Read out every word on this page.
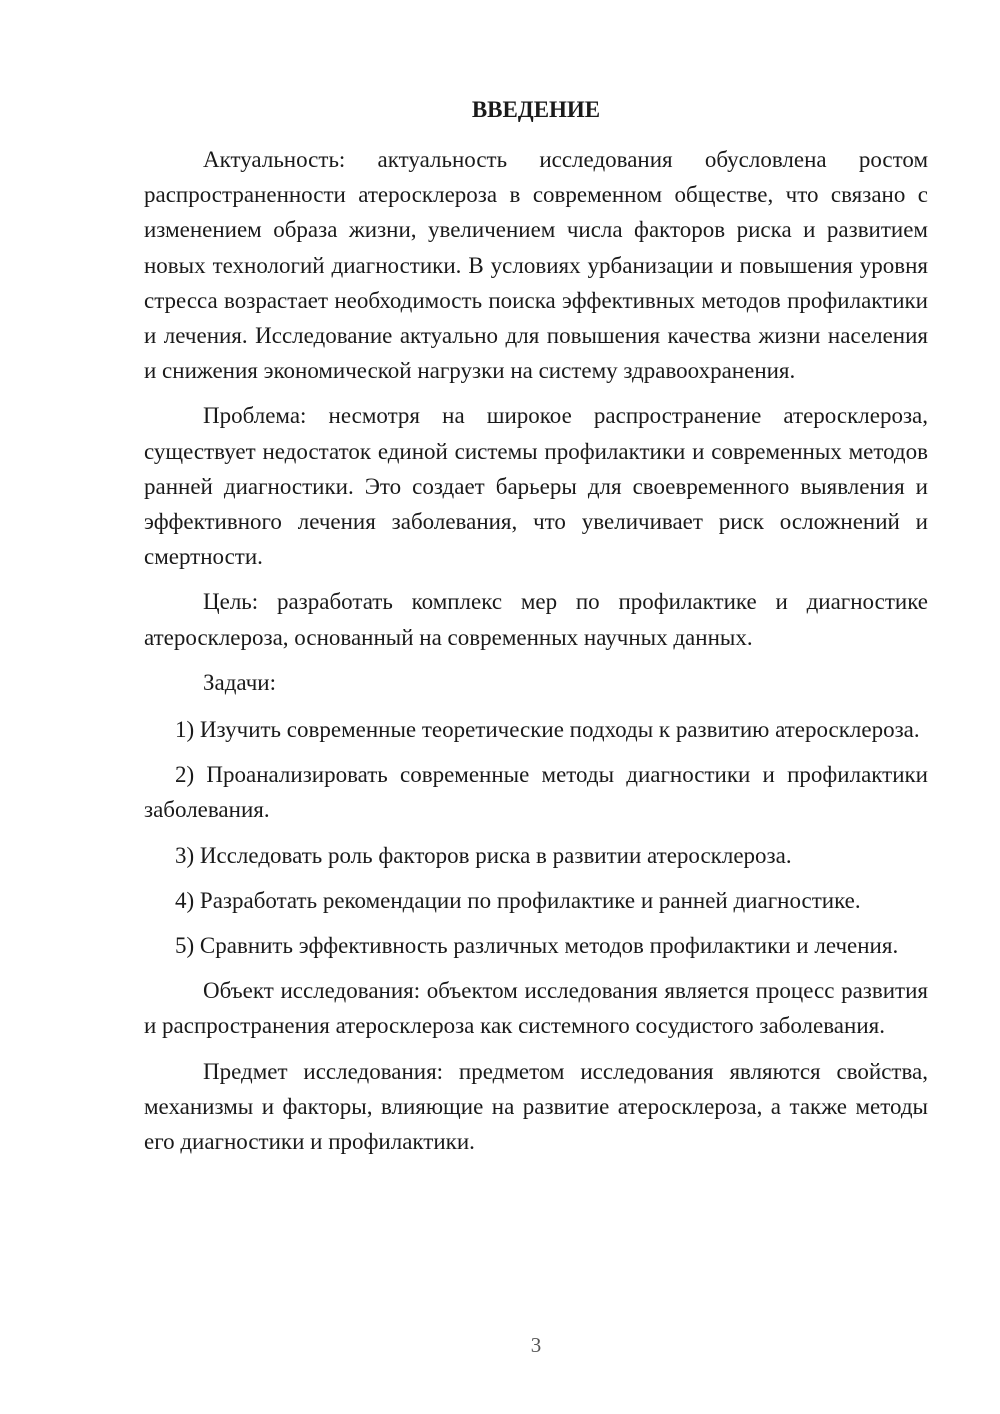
ВВЕДЕНИЕ

Актуальность: актуальность исследования обусловлена ростом распространенности атеросклероза в современном обществе, что связано с изменением образа жизни, увеличением числа факторов риска и развитием новых технологий диагностики. В условиях урбанизации и повышения уровня стресса возрастает необходимость поиска эффективных методов профилактики и лечения. Исследование актуально для повышения качества жизни населения и снижения экономической нагрузки на систему здравоохранения.

Проблема: несмотря на широкое распространение атеросклероза, существует недостаток единой системы профилактики и современных методов ранней диагностики. Это создает барьеры для своевременного выявления и эффективного лечения заболевания, что увеличивает риск осложнений и смертности.

Цель: разработать комплекс мер по профилактике и диагностике атеросклероза, основанный на современных научных данных.

Задачи:

1) Изучить современные теоретические подходы к развитию атеросклероза.

2) Проанализировать современные методы диагностики и профилактики заболевания.

3) Исследовать роль факторов риска в развитии атеросклероза.

4) Разработать рекомендации по профилактике и ранней диагностике.

5) Сравнить эффективность различных методов профилактики и лечения.

Объект исследования: объектом исследования является процесс развития и распространения атеросклероза как системного сосудистого заболевания.

Предмет исследования: предметом исследования являются свойства, механизмы и факторы, влияющие на развитие атеросклероза, а также методы его диагностики и профилактики.

3
